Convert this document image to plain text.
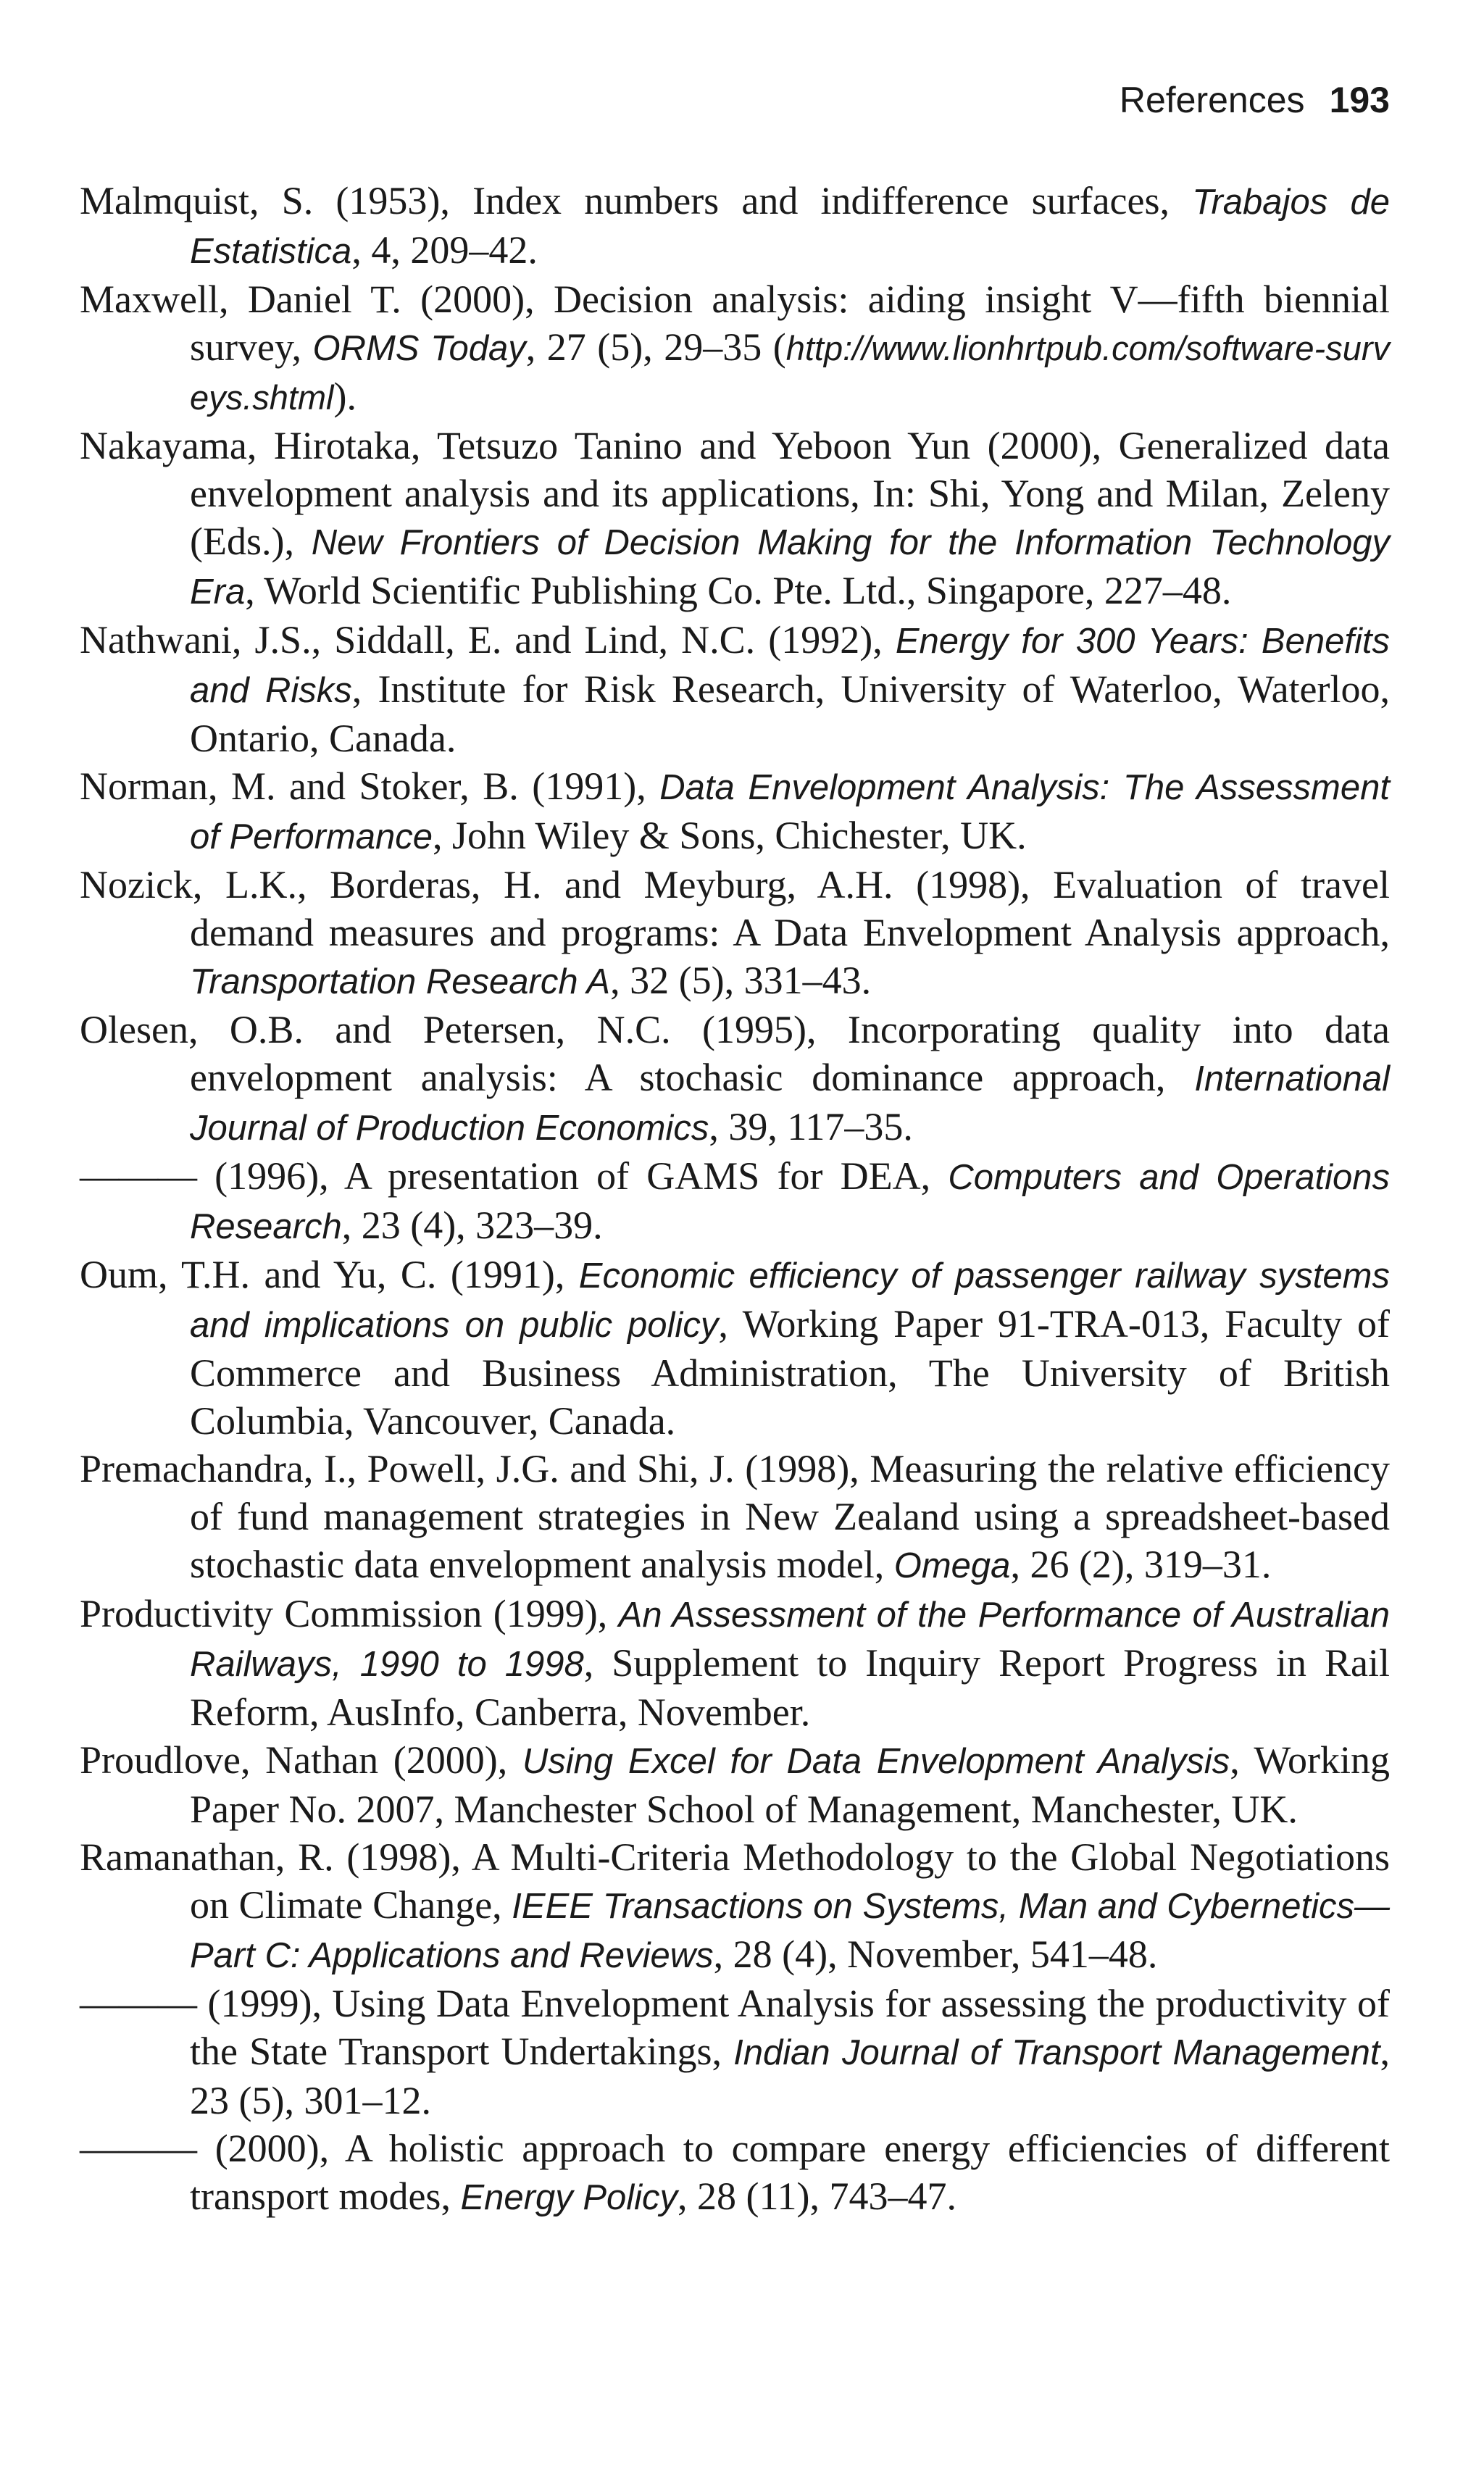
References 193

Malmquist, S. (1953), Index numbers and indifference surfaces, Trabajos de Estatistica, 4, 209–42.

Maxwell, Daniel T. (2000), Decision analysis: aiding insight V—fifth biennial survey, ORMS Today, 27 (5), 29–35 (http://www.lionhrtpub.com/software-surveys.shtml).

Nakayama, Hirotaka, Tetsuzo Tanino and Yeboon Yun (2000), Generalized data envelopment analysis and its applications, In: Shi, Yong and Milan, Zeleny (Eds.), New Frontiers of Decision Making for the Information Technology Era, World Scientific Publishing Co. Pte. Ltd., Singapore, 227–48.

Nathwani, J.S., Siddall, E. and Lind, N.C. (1992), Energy for 300 Years: Benefits and Risks, Institute for Risk Research, University of Waterloo, Waterloo, Ontario, Canada.

Norman, M. and Stoker, B. (1991), Data Envelopment Analysis: The Assessment of Performance, John Wiley & Sons, Chichester, UK.

Nozick, L.K., Borderas, H. and Meyburg, A.H. (1998), Evaluation of travel demand measures and programs: A Data Envelopment Analysis approach, Transportation Research A, 32 (5), 331–43.

Olesen, O.B. and Petersen, N.C. (1995), Incorporating quality into data envelopment analysis: A stochasic dominance approach, International Journal of Production Economics, 39, 117–35.

——— (1996), A presentation of GAMS for DEA, Computers and Operations Research, 23 (4), 323–39.

Oum, T.H. and Yu, C. (1991), Economic efficiency of passenger railway systems and implications on public policy, Working Paper 91-TRA-013, Faculty of Commerce and Business Administration, The University of British Columbia, Vancouver, Canada.

Premachandra, I., Powell, J.G. and Shi, J. (1998), Measuring the relative efficiency of fund management strategies in New Zealand using a spreadsheet-based stochastic data envelopment analysis model, Omega, 26 (2), 319–31.

Productivity Commission (1999), An Assessment of the Performance of Australian Railways, 1990 to 1998, Supplement to Inquiry Report Progress in Rail Reform, AusInfo, Canberra, November.

Proudlove, Nathan (2000), Using Excel for Data Envelopment Analysis, Working Paper No. 2007, Manchester School of Management, Manchester, UK.

Ramanathan, R. (1998), A Multi-Criteria Methodology to the Global Negotiations on Climate Change, IEEE Transactions on Systems, Man and Cybernetics—Part C: Applications and Reviews, 28 (4), November, 541–48.

——— (1999), Using Data Envelopment Analysis for assessing the productivity of the State Transport Undertakings, Indian Journal of Transport Management, 23 (5), 301–12.

——— (2000), A holistic approach to compare energy efficiencies of different transport modes, Energy Policy, 28 (11), 743–47.
